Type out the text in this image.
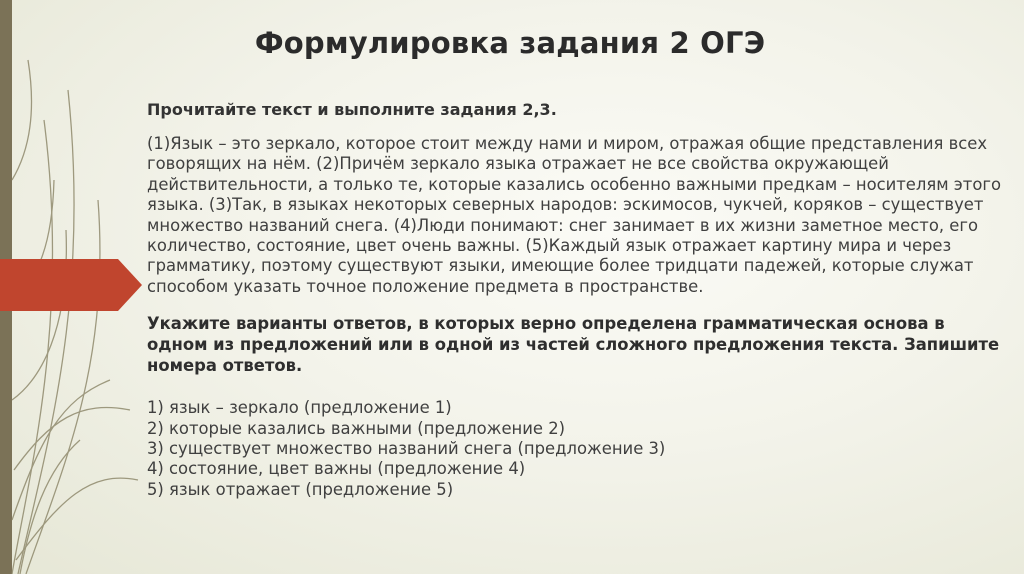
Формулировка задания 2 ОГЭ

Прочитайте текст и выполните задания 2,3.

(1)Язык – это зеркало, которое стоит между нами и миром, отражая общие представления всех говорящих на нём. (2)Причём зеркало языка отражает не все свойства окружающей действительности, а только те, которые казались особенно важными предкам – носителям этого языка. (3)Так, в языках некоторых северных народов: эскимосов, чукчей, коряков – существует множество названий снега. (4)Люди понимают: снег занимает в их жизни заметное место, его количество, состояние, цвет очень важны. (5)Каждый язык отражает картину мира и через грамматику, поэтому существуют языки, имеющие более тридцати падежей, которые служат способом указать точное положение предмета в пространстве.

Укажите варианты ответов, в которых верно определена грамматическая основа в одном из предложений или в одной из частей сложного предложения текста. Запишите номера ответов.

1) язык – зеркало (предложение 1)
2) которые казались важными (предложение 2)
3) существует множество названий снега (предложение 3)
4) состояние, цвет важны (предложение 4)
5) язык отражает (предложение 5)
